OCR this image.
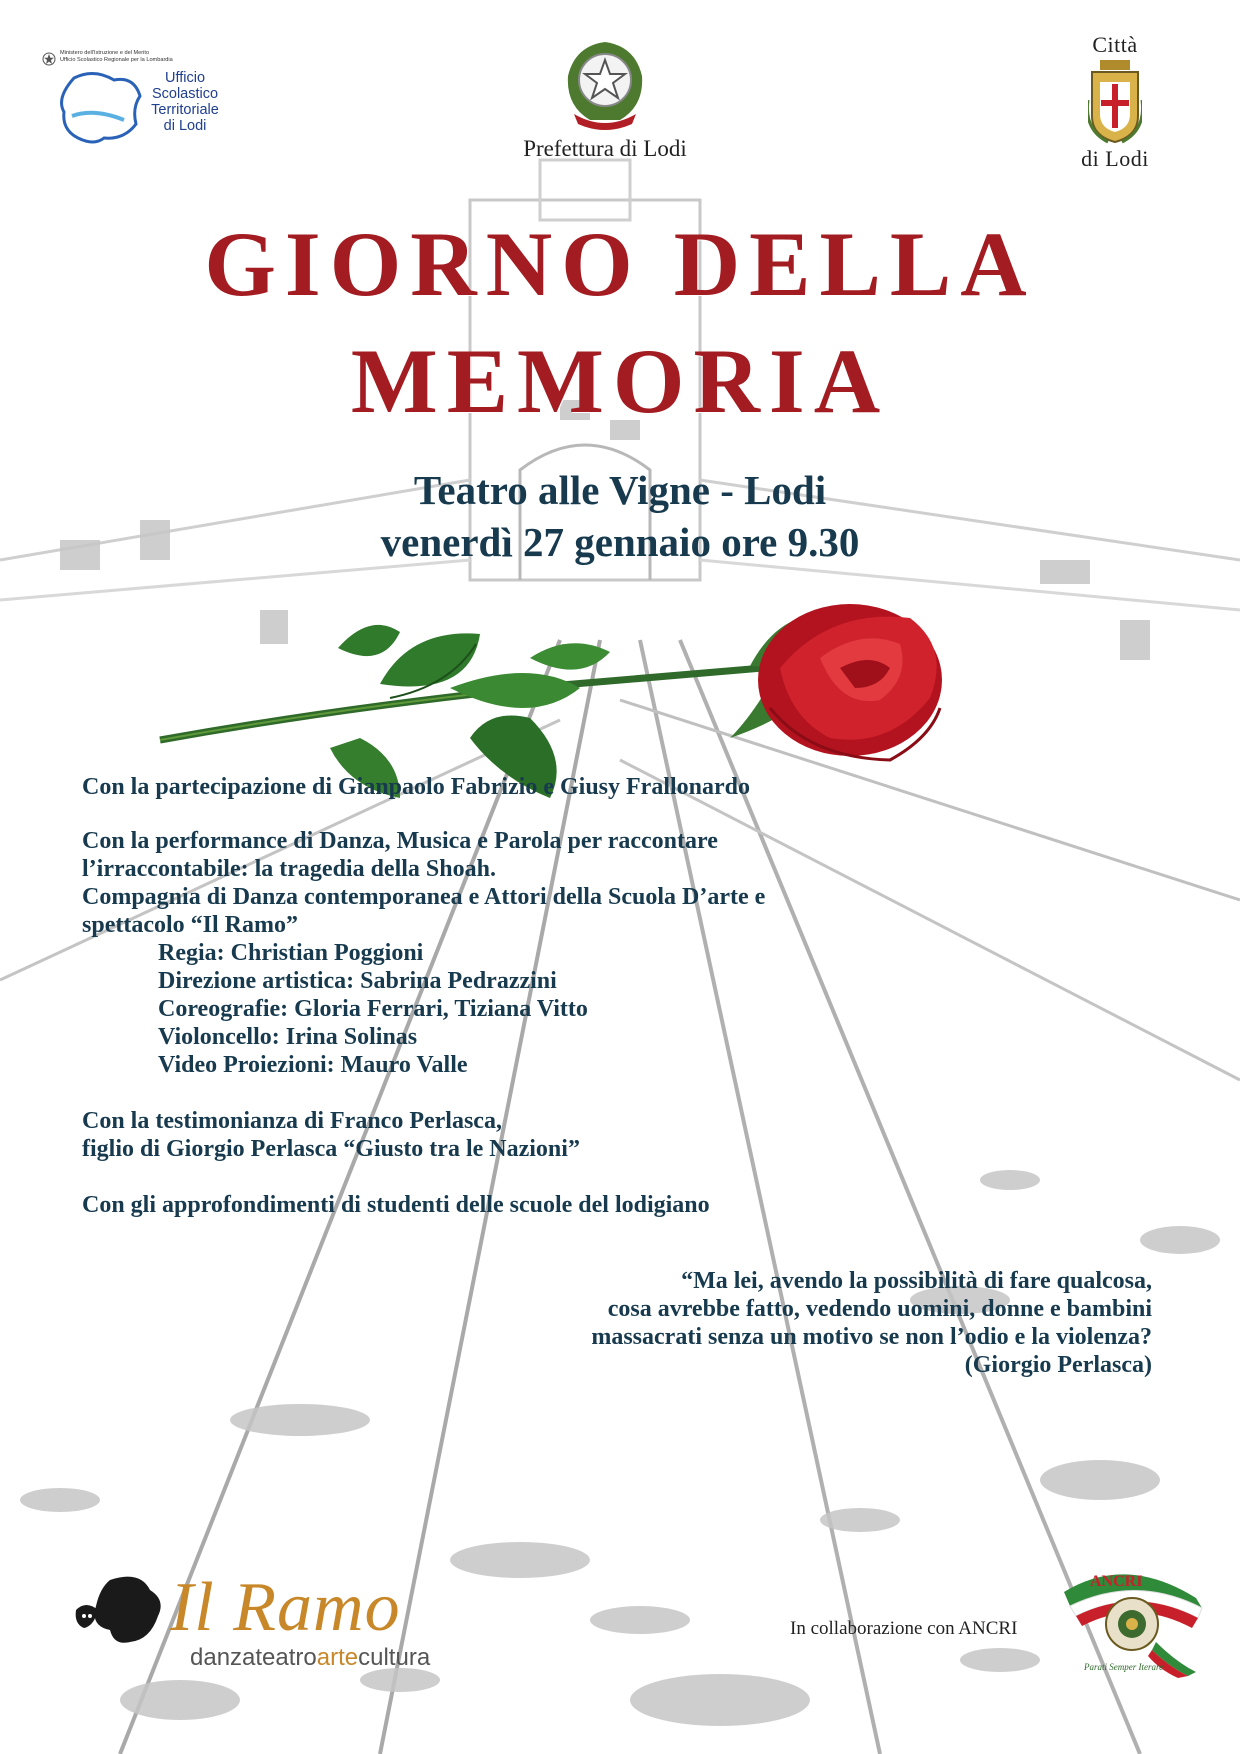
Ministero dell'Istruzione e del Merito
Ufficio Scolastico Regionale per la Lombardia
Ufficio
Scolastico
Territoriale
di Lodi
Prefettura di Lodi
Città
di Lodi
GIORNO DELLA
MEMORIA
Teatro alle Vigne - Lodi
venerdì 27 gennaio ore 9.30
Con la partecipazione di Gianpaolo Fabrizio e Giusy Frallonardo
Con la performance di Danza, Musica e Parola per raccontare
l’irraccontabile: la tragedia della Shoah.
Compagnia di Danza contemporanea e Attori della Scuola D’arte e
spettacolo “Il Ramo”
Regia: Christian Poggioni
Direzione artistica: Sabrina Pedrazzini
Coreografie: Gloria Ferrari, Tiziana Vitto
Violoncello: Irina Solinas
Video Proiezioni: Mauro Valle
Con la testimonianza di Franco Perlasca,
figlio di Giorgio Perlasca “Giusto tra le Nazioni”
Con gli approfondimenti di studenti delle scuole del lodigiano
“Ma lei, avendo la possibilità di fare qualcosa,
cosa avrebbe fatto, vedendo uomini, donne e bambini
massacrati senza un motivo se non l’odio e la violenza?
(Giorgio Perlasca)
Il Ramo
danzateatroartecultura
In collaborazione con ANCRI
ANCRI
Parati Semper Iterare
